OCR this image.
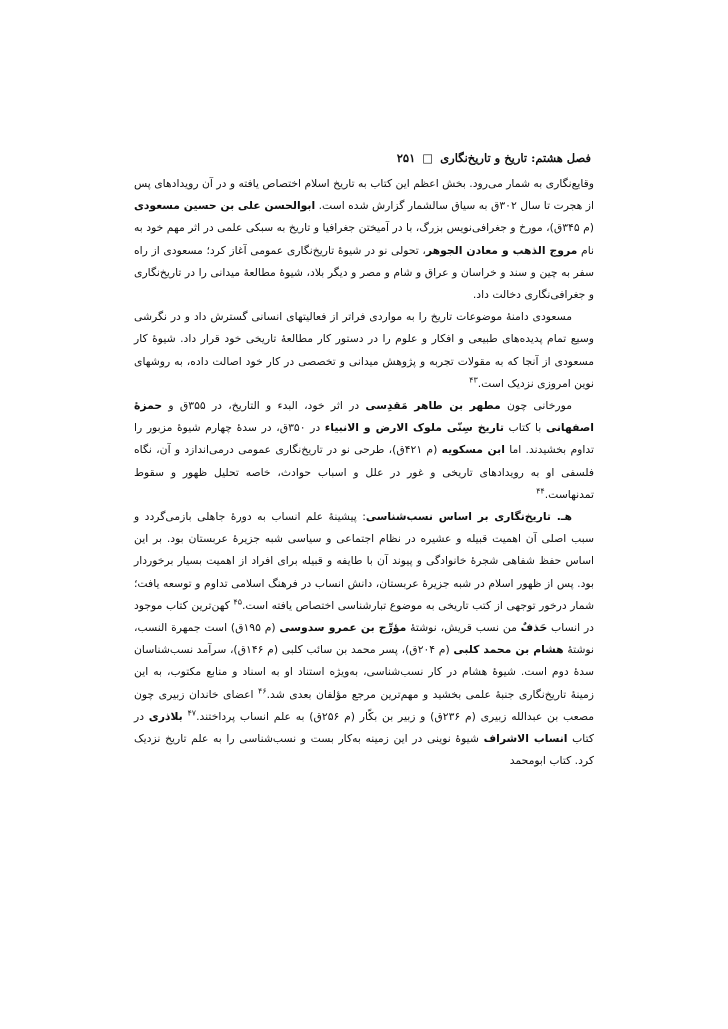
فصل هشتم: تاریخ و تاریخ‌نگاری □ ۲۵۱

وقایع‌نگاری به شمار می‌رود. بخش اعظم این کتاب به تاریخ اسلام اختصاص یافته و در آن رویدادهای پس از هجرت تا سال ۳۰۲ق به سیاق سالشمار گزارش شده است. ابوالحسن علی بن حسین مسعودی (م ۳۴۵ق)، مورخ و جغرافی‌نویس بزرگ، با در آمیختن جغرافیا و تاریخ به سبکی علمی در اثر مهم خود به نام مروج الذهب و معادن الجوهر، تحولی نو در شیوهٔ تاریخ‌نگاری عمومی آغاز کرد؛ مسعودی از راه سفر به چین و سند و خراسان و عراق و شام و مصر و دیگر بلاد، شیوهٔ مطالعهٔ میدانی را در تاریخ‌نگاری و جغرافی‌نگاری دخالت داد.

مسعودی دامنهٔ موضوعات تاریخ را به مواردی فراتر از فعالیتهای انسانی گسترش داد و در نگرشی وسیع تمام پدیده‌های طبیعی و افکار و علوم را در دستور کار مطالعهٔ تاریخی خود قرار داد. شیوهٔ کار مسعودی از آنجا که به مقولات تجربه و پژوهش میدانی و تخصصی در کار خود اصالت داده، به روشهای نوین امروزی نزدیک است.$^{۴۳}$

مورخانی چون مطهر بن طاهر مَقدِسی در اثر خود، البدء و التاریخ، در ۳۵۵ق و حمزهٔ اصفهانی با کتاب تاریخ سِنّی ملوک الارض و الانبیاء در ۳۵۰ق، در سدهٔ چهارم شیوهٔ مزبور را تداوم بخشیدند. اما ابن مسکویه (م ۴۲۱ق)، طرحی نو در تاریخ‌نگاری عمومی درمی‌اندازد و آن، نگاه فلسفی او به رویدادهای تاریخی و غور در علل و اسباب حوادث، خاصه تحلیل ظهور و سقوط تمدنهاست.$^{۴۴}$

هـ. تاریخ‌نگاری بر اساس نسب‌شناسی: پیشینهٔ علم انساب به دورهٔ جاهلی بازمی‌گردد و سبب اصلی آن اهمیت قبیله و عشیره در نظام اجتماعی و سیاسی شبه جزیرهٔ عربستان بود. بر این اساس حفظ شفاهی شجرهٔ خانوادگی و پیوند آن با طایفه و قبیله برای افراد از اهمیت بسیار برخوردار بود. پس از ظهور اسلام در شبه جزیرهٔ عربستان، دانش انساب در فرهنگ اسلامی تداوم و توسعه یافت؛ شمار درخور توجهی از کتب تاریخی به موضوع تبارشناسی اختصاص یافته است.$^{۴۵}$ کهن‌ترین کتاب موجود در انساب حَذفٌ من نسب قریش، نوشتهٔ مؤرِّج بن عمرو سدوسی (م ۱۹۵ق) است جمهرة النسب، نوشتهٔ هشام بن محمد کلبی (م ۲۰۴ق)، پسر محمد بن سائب کلبی (م ۱۴۶ق)، سرآمد نسب‌شناسان سدهٔ دوم است. شیوهٔ هشام در کار نسب‌شناسی، به‌ویژه استناد او به اسناد و منابع مکتوب، به این زمینهٔ تاریخ‌نگاری جنبهٔ علمی بخشید و مهم‌ترین مرجع مؤلفان بعدی شد.$^{۴۶}$ اعضای خاندان زبیری چون مصعب بن عبدالله زبیری (م ۲۳۶ق) و زبیر بن بکّار (م ۲۵۶ق) به علم انساب پرداختند.$^{۴۷}$ بلاذری در کتاب انساب الاشراف شیوهٔ نوینی در این زمینه به‌کار بست و نسب‌شناسی را به علم تاریخ نزدیک کرد. کتاب ابومحمد
